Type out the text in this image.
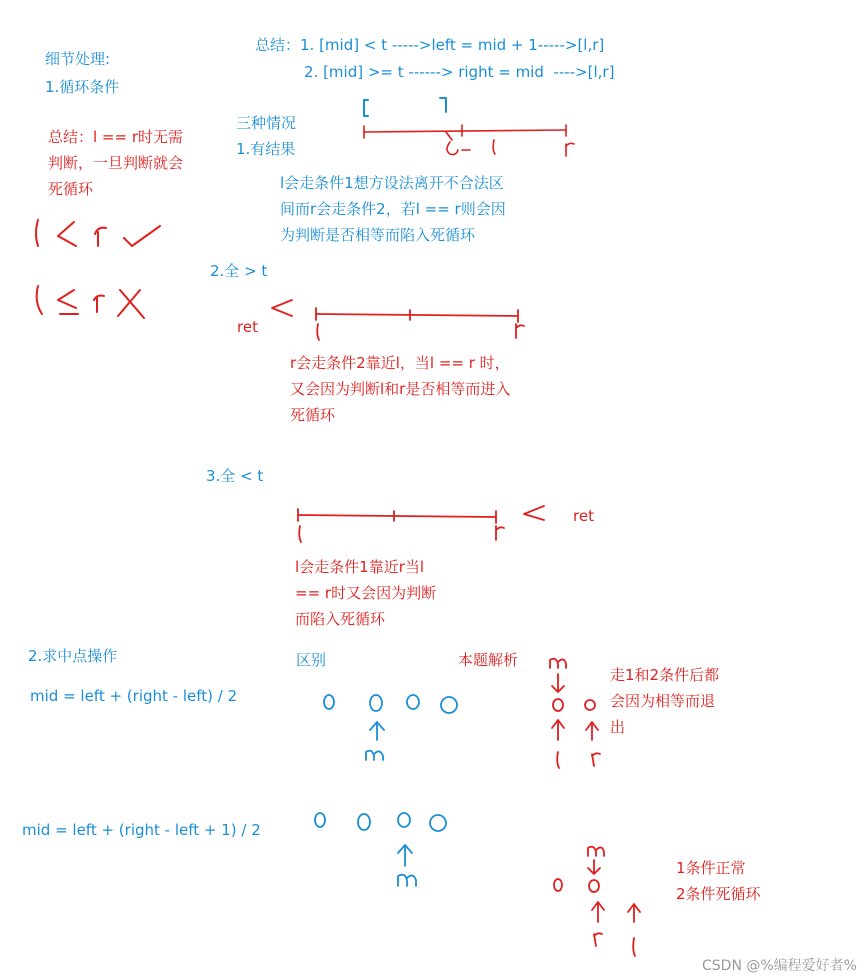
细节处理:
1.循环条件
总结：l == r时无需
判断，一旦判断就会
死循环
2.求中点操作
mid = left + (right - left) / 2
mid = left + (right - left + 1) / 2
总结：1. [mid] < t ----->left = mid + 1----->[l,r]
2. [mid] >= t ------> right = mid  ---->[l,r]
三种情况
1.有结果
l会走条件1想方设法离开不合法区
间而r会走条件2，若l == r则会因
为判断是否相等而陷入死循环
2.全 > t
ret
r会走条件2靠近l，当l == r 时，
又会因为判断l和r是否相等而进入
死循环
3.全 < t
ret
l会走条件1靠近r当l
== r时又会因为判断
而陷入死循环
区别	本题解析
走1和2条件后都
会因为相等而退
出
1条件正常
2条件死循环
CSDN @%编程爱好者%
